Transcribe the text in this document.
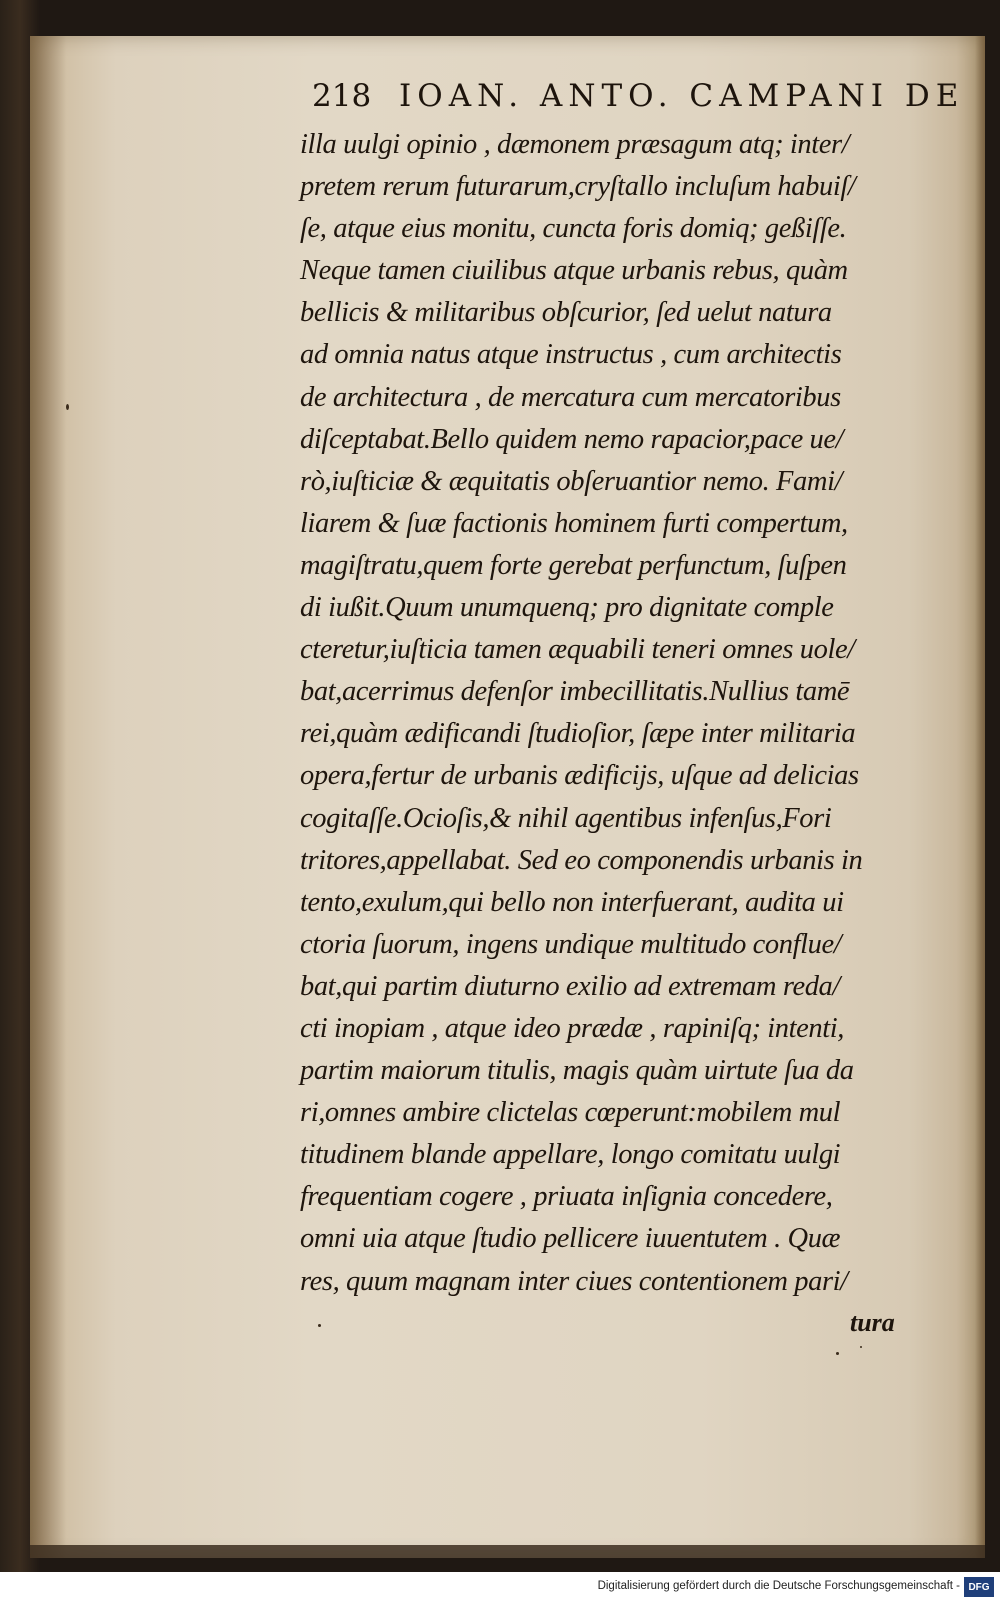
218 IOAN. ANTO. CAMPANI DE
illa uulgi opinio , dæmonem præsagum atq; inter/
pretem rerum futurarum,cryſtallo incluſum habuiſ/
ſe, atque eius monitu, cuncta foris domiq; geßiſſe.
Neque tamen ciuilibus atque urbanis rebus, quàm
bellicis & militaribus obſcurior, ſed uelut natura
ad omnia natus atque instructus , cum architectis
de architectura , de mercatura cum mercatoribus
diſceptabat.Bello quidem nemo rapacior,pace ue/
rò,iuſticiæ & æquitatis obſeruantior nemo. Fami/
liarem & ſuæ factionis hominem furti compertum,
magiſtratu,quem forte gerebat perfunctum, ſuſpen
di iußit.Quum unumquenq; pro dignitate comple
cteretur,iuſticia tamen æquabili teneri omnes uole/
bat,acerrimus defenſor imbecillitatis.Nullius tamē
rei,quàm ædificandi ſtudioſior, ſæpe inter militaria
opera,fertur de urbanis ædificijs, uſque ad delicias
cogitaſſe.Ocioſis,& nihil agentibus infenſus,Fori
tritores,appellabat. Sed eo componendis urbanis in
tento,exulum,qui bello non interfuerant, audita ui
ctoria ſuorum, ingens undique multitudo conflue/
bat,qui partim diuturno exilio ad extremam reda/
cti inopiam , atque ideo prædæ , rapiniſq; intenti,
partim maiorum titulis, magis quàm uirtute ſua da
ri,omnes ambire clictelas cœperunt:mobilem mul
titudinem blande appellare, longo comitatu uulgi
frequentiam cogere , priuata inſignia concedere,
omni uia atque ſtudio pellicere iuuentutem . Quæ
res, quum magnam inter ciues contentionem pari/
tura
Digitalisierung gefördert durch die Deutsche Forschungsgemeinschaft - DFG
